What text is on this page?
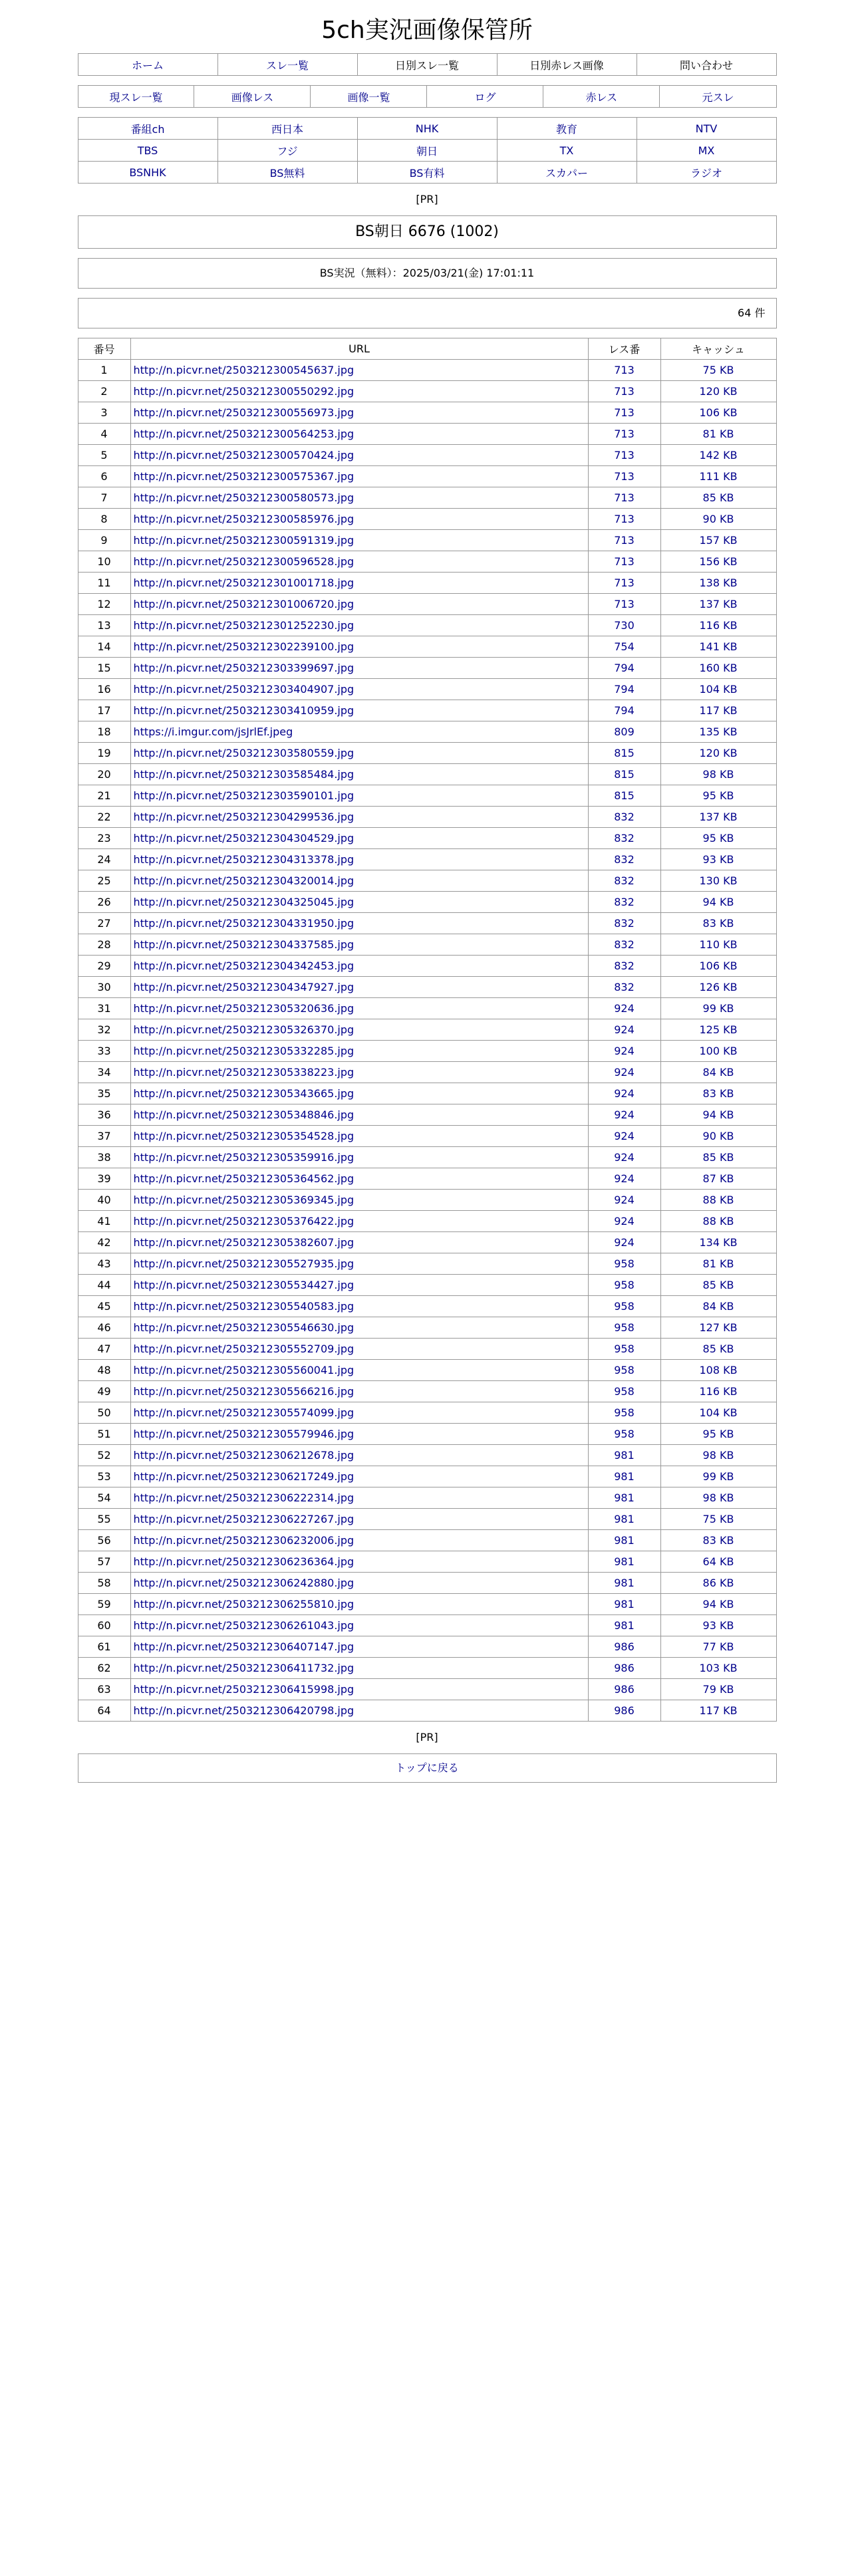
5ch実況画像保管所
ホーム	スレ一覧	日別スレ一覧	日別赤レス画像	問い合わせ
現スレ一覧	画像レス	画像一覧	ログ	赤レス	元スレ
番組ch	西日本	NHK	教育	NTV
TBS	フジ	朝日	TX	MX
BSNHK	BS無料	BS有料	スカパー	ラジオ
[PR]
BS朝日 6676 (1002)
BS実況（無料）：2025/03/21(金) 17:01:11
64 件
番号	URL	レス番	キャッシュ
1	http://n.picvr.net/2503212300545637.jpg	713	75 KB
2	http://n.picvr.net/2503212300550292.jpg	713	120 KB
3	http://n.picvr.net/2503212300556973.jpg	713	106 KB
4	http://n.picvr.net/2503212300564253.jpg	713	81 KB
5	http://n.picvr.net/2503212300570424.jpg	713	142 KB
6	http://n.picvr.net/2503212300575367.jpg	713	111 KB
7	http://n.picvr.net/2503212300580573.jpg	713	85 KB
8	http://n.picvr.net/2503212300585976.jpg	713	90 KB
9	http://n.picvr.net/2503212300591319.jpg	713	157 KB
10	http://n.picvr.net/2503212300596528.jpg	713	156 KB
11	http://n.picvr.net/2503212301001718.jpg	713	138 KB
12	http://n.picvr.net/2503212301006720.jpg	713	137 KB
13	http://n.picvr.net/2503212301252230.jpg	730	116 KB
14	http://n.picvr.net/2503212302239100.jpg	754	141 KB
15	http://n.picvr.net/2503212303399697.jpg	794	160 KB
16	http://n.picvr.net/2503212303404907.jpg	794	104 KB
17	http://n.picvr.net/2503212303410959.jpg	794	117 KB
18	https://i.imgur.com/jsJrlEf.jpeg	809	135 KB
19	http://n.picvr.net/2503212303580559.jpg	815	120 KB
20	http://n.picvr.net/2503212303585484.jpg	815	98 KB
21	http://n.picvr.net/2503212303590101.jpg	815	95 KB
22	http://n.picvr.net/2503212304299536.jpg	832	137 KB
23	http://n.picvr.net/2503212304304529.jpg	832	95 KB
24	http://n.picvr.net/2503212304313378.jpg	832	93 KB
25	http://n.picvr.net/2503212304320014.jpg	832	130 KB
26	http://n.picvr.net/2503212304325045.jpg	832	94 KB
27	http://n.picvr.net/2503212304331950.jpg	832	83 KB
28	http://n.picvr.net/2503212304337585.jpg	832	110 KB
29	http://n.picvr.net/2503212304342453.jpg	832	106 KB
30	http://n.picvr.net/2503212304347927.jpg	832	126 KB
31	http://n.picvr.net/2503212305320636.jpg	924	99 KB
32	http://n.picvr.net/2503212305326370.jpg	924	125 KB
33	http://n.picvr.net/2503212305332285.jpg	924	100 KB
34	http://n.picvr.net/2503212305338223.jpg	924	84 KB
35	http://n.picvr.net/2503212305343665.jpg	924	83 KB
36	http://n.picvr.net/2503212305348846.jpg	924	94 KB
37	http://n.picvr.net/2503212305354528.jpg	924	90 KB
38	http://n.picvr.net/2503212305359916.jpg	924	85 KB
39	http://n.picvr.net/2503212305364562.jpg	924	87 KB
40	http://n.picvr.net/2503212305369345.jpg	924	88 KB
41	http://n.picvr.net/2503212305376422.jpg	924	88 KB
42	http://n.picvr.net/2503212305382607.jpg	924	134 KB
43	http://n.picvr.net/2503212305527935.jpg	958	81 KB
44	http://n.picvr.net/2503212305534427.jpg	958	85 KB
45	http://n.picvr.net/2503212305540583.jpg	958	84 KB
46	http://n.picvr.net/2503212305546630.jpg	958	127 KB
47	http://n.picvr.net/2503212305552709.jpg	958	85 KB
48	http://n.picvr.net/2503212305560041.jpg	958	108 KB
49	http://n.picvr.net/2503212305566216.jpg	958	116 KB
50	http://n.picvr.net/2503212305574099.jpg	958	104 KB
51	http://n.picvr.net/2503212305579946.jpg	958	95 KB
52	http://n.picvr.net/2503212306212678.jpg	981	98 KB
53	http://n.picvr.net/2503212306217249.jpg	981	99 KB
54	http://n.picvr.net/2503212306222314.jpg	981	98 KB
55	http://n.picvr.net/2503212306227267.jpg	981	75 KB
56	http://n.picvr.net/2503212306232006.jpg	981	83 KB
57	http://n.picvr.net/2503212306236364.jpg	981	64 KB
58	http://n.picvr.net/2503212306242880.jpg	981	86 KB
59	http://n.picvr.net/2503212306255810.jpg	981	94 KB
60	http://n.picvr.net/2503212306261043.jpg	981	93 KB
61	http://n.picvr.net/2503212306407147.jpg	986	77 KB
62	http://n.picvr.net/2503212306411732.jpg	986	103 KB
63	http://n.picvr.net/2503212306415998.jpg	986	79 KB
64	http://n.picvr.net/2503212306420798.jpg	986	117 KB
[PR]
トップに戻る
